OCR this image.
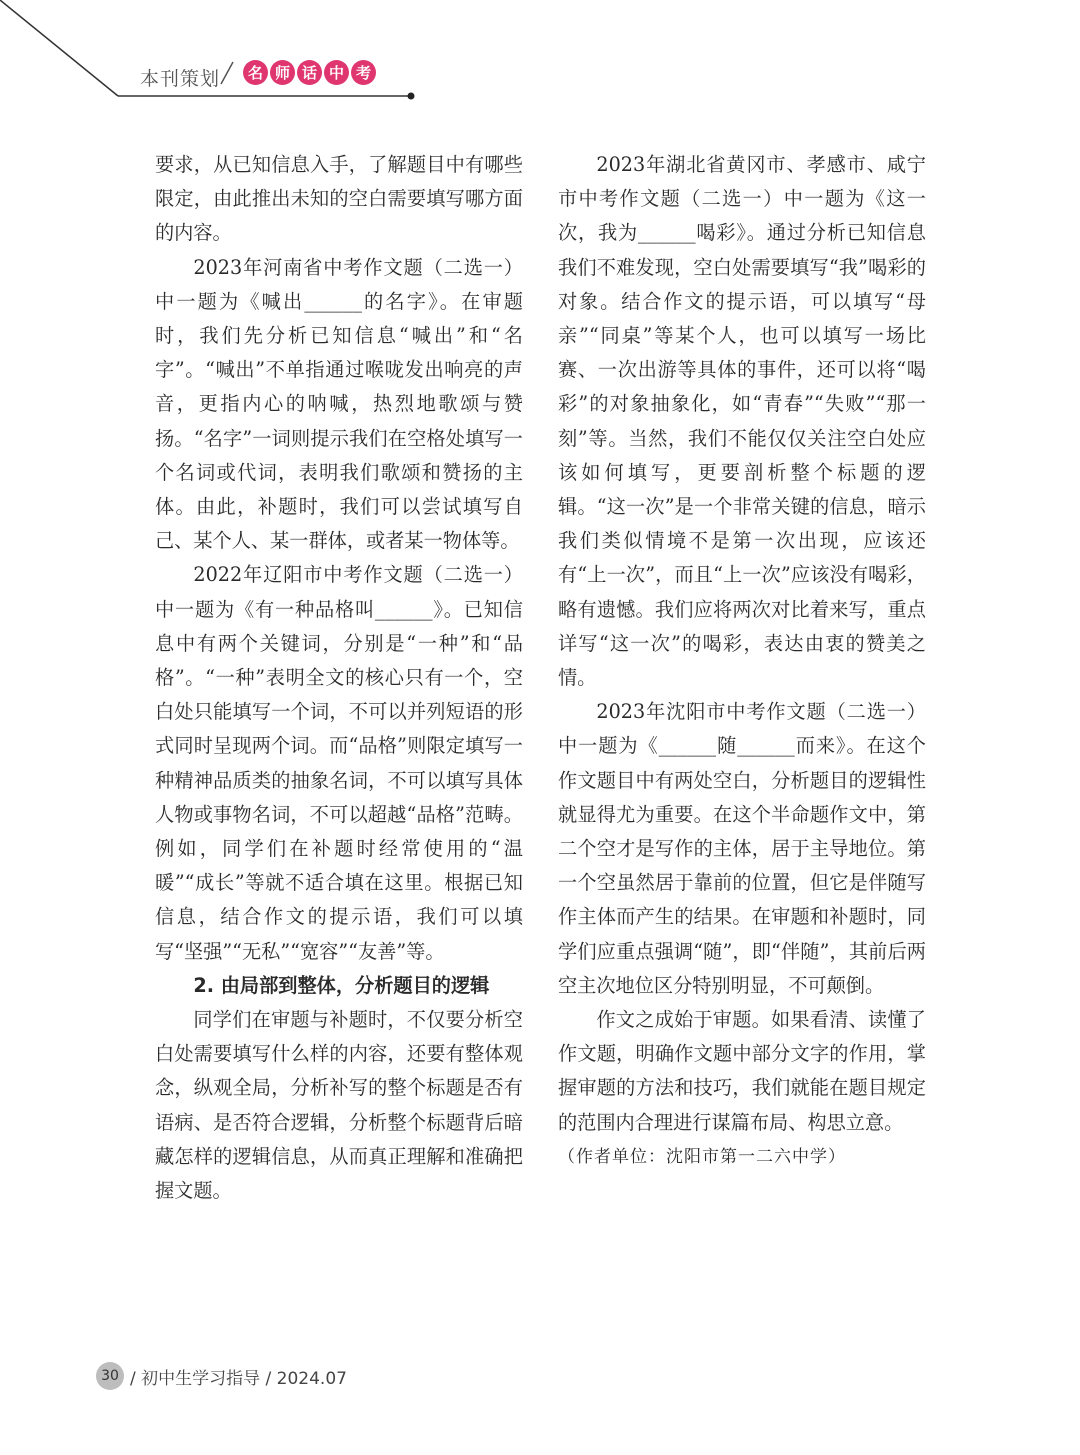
本刊策划	名 师 话 中 考

要求，从已知信息入手，了解题目中有哪些限定，由此推出未知的空白需要填写哪方面的内容。

2023年河南省中考作文题（二选一）中一题为《喊出______的名字》。在审题时，我们先分析已知信息“喊出”和“名字”。“喊出”不单指通过喉咙发出响亮的声音，更指内心的呐喊，热烈地歌颂与赞扬。“名字”一词则提示我们在空格处填写一个名词或代词，表明我们歌颂和赞扬的主体。由此，补题时，我们可以尝试填写自己、某个人、某一群体，或者某一物体等。

2022年辽阳市中考作文题（二选一）中一题为《有一种品格叫______》。已知信息中有两个关键词，分别是“一种”和“品格”。“一种”表明全文的核心只有一个，空白处只能填写一个词，不可以并列短语的形式同时呈现两个词。而“品格”则限定填写一种精神品质类的抽象名词，不可以填写具体人物或事物名词，不可以超越“品格”范畴。例如，同学们在补题时经常使用的“温暖”“成长”等就不适合填在这里。根据已知信息，结合作文的提示语，我们可以填写“坚强”“无私”“宽容”“友善”等。

2. 由局部到整体，分析题目的逻辑

同学们在审题与补题时，不仅要分析空白处需要填写什么样的内容，还要有整体观念，纵观全局，分析补写的整个标题是否有语病、是否符合逻辑，分析整个标题背后暗藏怎样的逻辑信息，从而真正理解和准确把握文题。

2023年湖北省黄冈市、孝感市、咸宁市中考作文题（二选一）中一题为《这一次，我为______喝彩》。通过分析已知信息我们不难发现，空白处需要填写“我”喝彩的对象。结合作文的提示语，可以填写“母亲”“同桌”等某个人，也可以填写一场比赛、一次出游等具体的事件，还可以将“喝彩”的对象抽象化，如“青春”“失败”“那一刻”等。当然，我们不能仅仅关注空白处应该如何填写，更要剖析整个标题的逻辑。“这一次”是一个非常关键的信息，暗示我们类似情境不是第一次出现，应该还有“上一次”，而且“上一次”应该没有喝彩，略有遗憾。我们应将两次对比着来写，重点详写“这一次”的喝彩，表达由衷的赞美之情。

2023年沈阳市中考作文题（二选一）中一题为《______随______而来》。在这个作文题目中有两处空白，分析题目的逻辑性就显得尤为重要。在这个半命题作文中，第二个空才是写作的主体，居于主导地位。第一个空虽然居于靠前的位置，但它是伴随写作主体而产生的结果。在审题和补题时，同学们应重点强调“随”，即“伴随”，其前后两空主次地位区分特别明显，不可颠倒。

作文之成始于审题。如果看清、读懂了作文题，明确作文题中部分文字的作用，掌握审题的方法和技巧，我们就能在题目规定的范围内合理进行谋篇布局、构思立意。

（作者单位：沈阳市第一二六中学）

30 / 初中生学习指导 / 2024.07
